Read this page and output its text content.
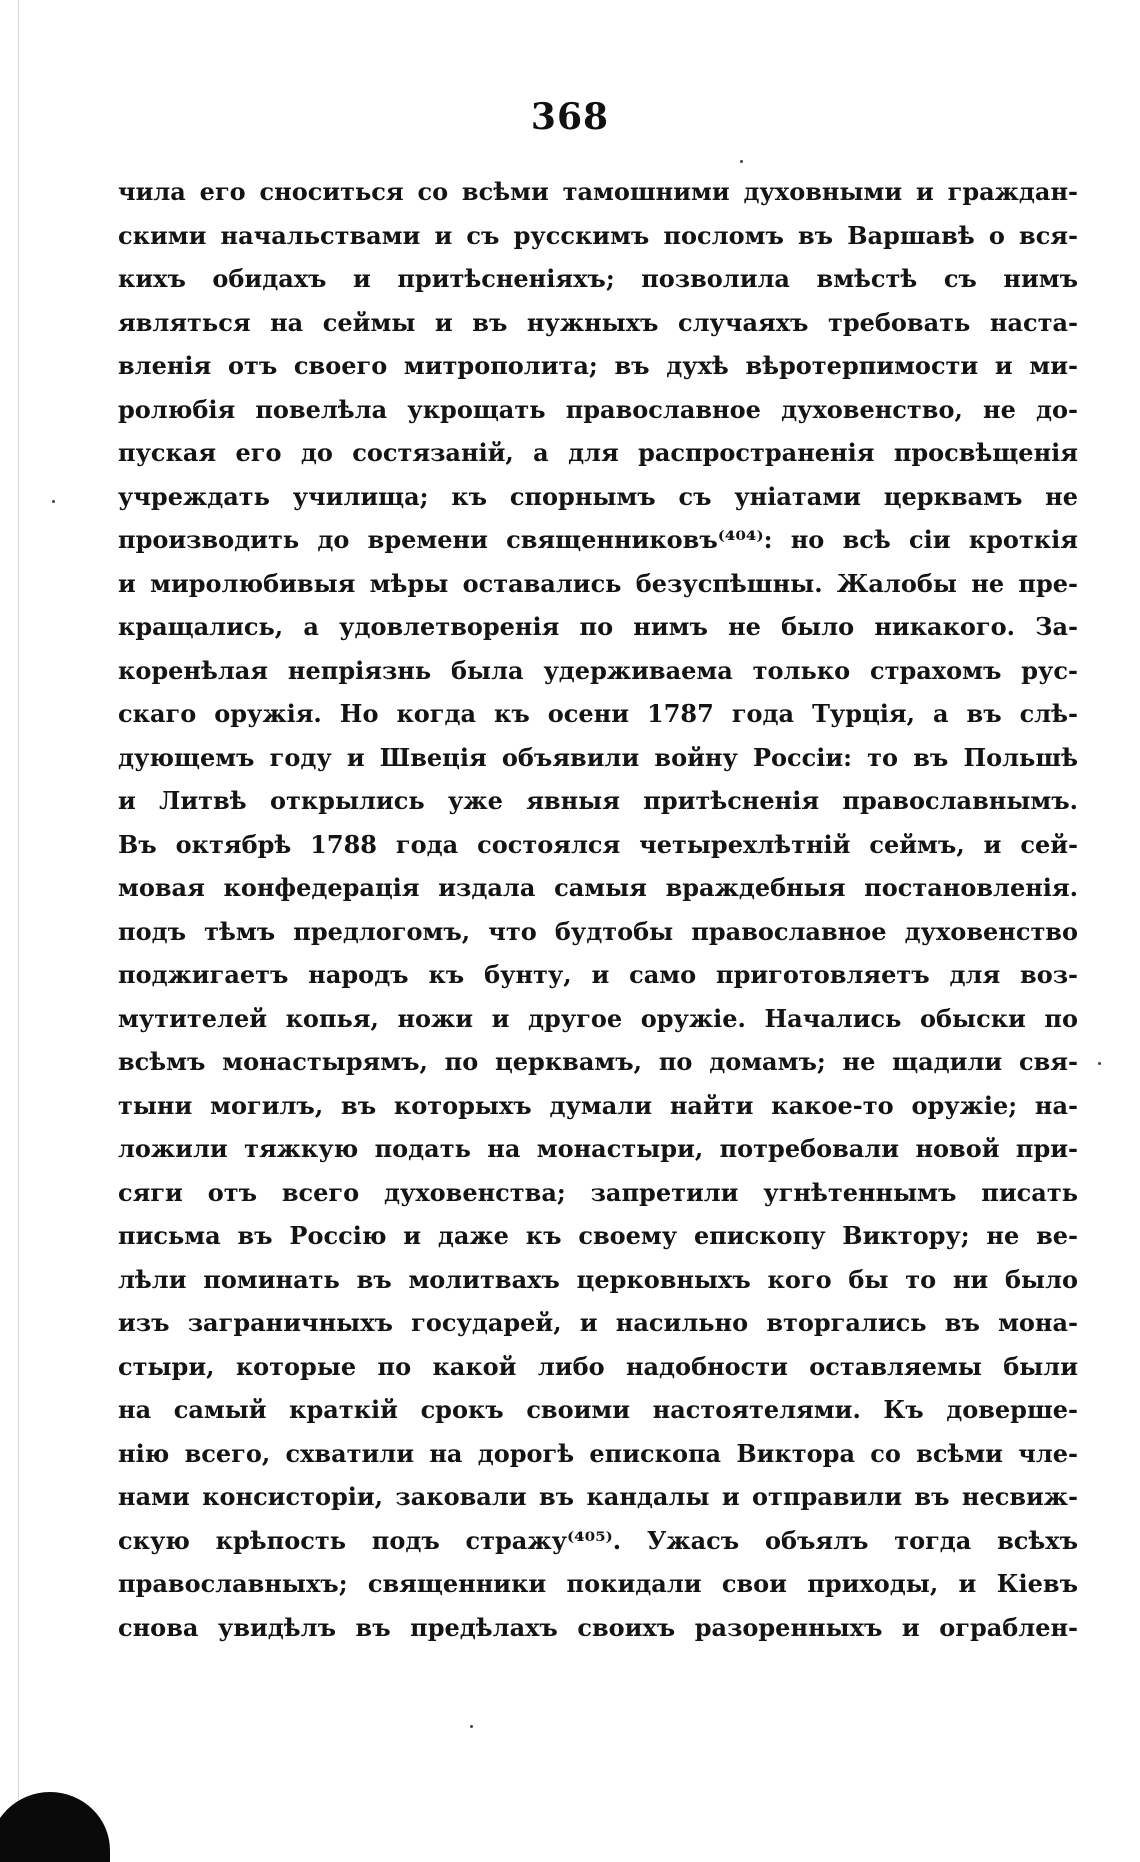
368
чила его сноситься со всѣми тамошними духовными и граждан-
скими начальствами и съ русскимъ посломъ въ Варшавѣ о вся-
кихъ обидахъ и притѣсненіяхъ; позволила вмѣстѣ съ нимъ
являться на сеймы и въ нужныхъ случаяхъ требовать наста-
вленія отъ своего митрополита; въ духѣ вѣротерпимости и ми-
ролюбія повелѣла укрощать православное духовенство, не до-
пуская его до состязаній, а для распространенія просвѣщенія
учреждать училища; къ спорнымъ съ уніатами церквамъ не
производить до времени священниковъ⁽⁴⁰⁴⁾: но всѣ сіи кроткія
и миролюбивыя мѣры оставались безуспѣшны. Жалобы не пре-
кращались, а удовлетворенія по нимъ не было никакого. За-
коренѣлая непріязнь была удерживаема только страхомъ рус-
скаго оружія. Но когда къ осени 1787 года Турція, а въ слѣ-
дующемъ году и Швеція объявили войну Россіи: то въ Польшѣ
и Литвѣ открылись уже явныя притѣсненія православнымъ.
Въ октябрѣ 1788 года состоялся четырехлѣтній сеймъ, и сей-
мовая конфедерація издала самыя враждебныя постановленія.
подъ тѣмъ предлогомъ, что будтобы православное духовенство
поджигаетъ народъ къ бунту, и само приготовляетъ для воз-
мутителей копья, ножи и другое оружіе. Начались обыски по
всѣмъ монастырямъ, по церквамъ, по домамъ; не щадили свя-
тыни могилъ, въ которыхъ думали найти какое-то оружіе; на-
ложили тяжкую подать на монастыри, потребовали новой при-
сяги отъ всего духовенства; запретили угнѣтеннымъ писать
письма въ Россію и даже къ своему епископу Виктору; не ве-
лѣли поминать въ молитвахъ церковныхъ кого бы то ни было
изъ заграничныхъ государей, и насильно вторгались въ мона-
стыри, которые по какой либо надобности оставляемы были
на самый краткій срокъ своими настоятелями. Къ доверше-
нію всего, схватили на дорогѣ епископа Виктора со всѣми чле-
нами консисторіи, заковали въ кандалы и отправили въ несвиж-
скую крѣпость подъ стражу⁽⁴⁰⁵⁾. Ужасъ объялъ тогда всѣхъ
православныхъ; священники покидали свои приходы, и Кіевъ
снова увидѣлъ въ предѣлахъ своихъ разоренныхъ и ограблен-
